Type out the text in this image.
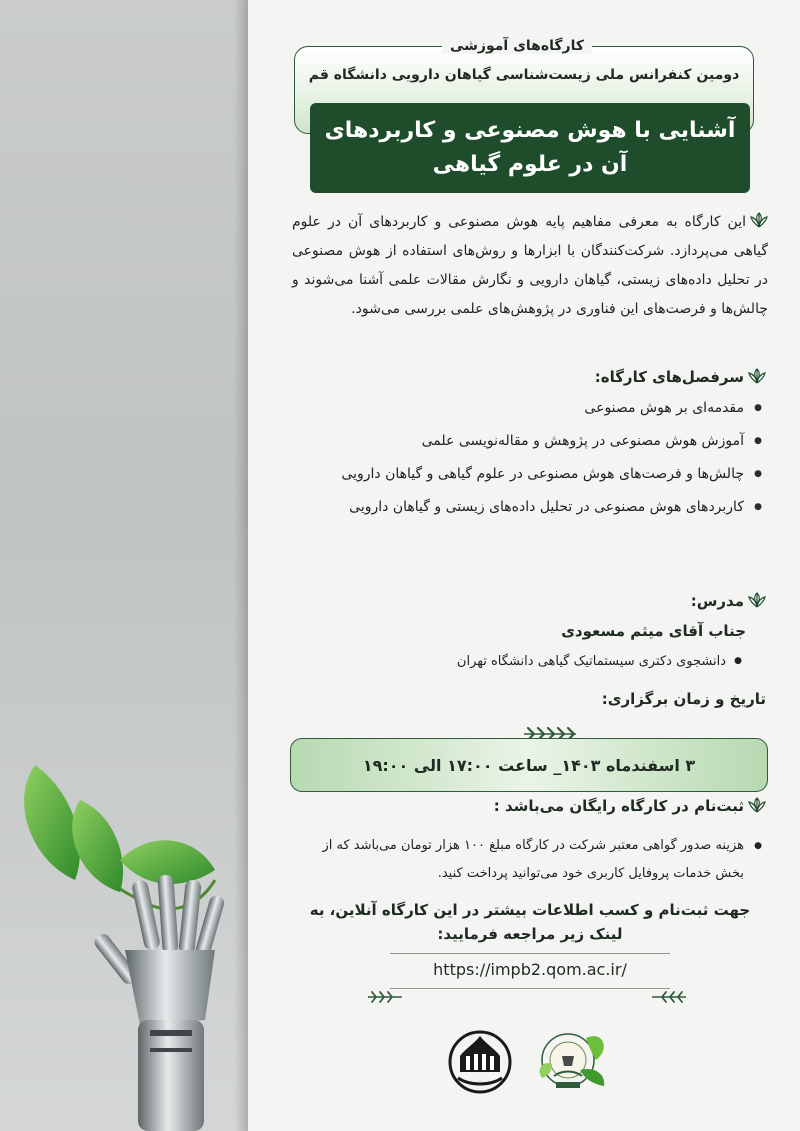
کارگاه‌های آموزشی
دومین کنفرانس ملی زیست‌شناسی گیاهان دارویی دانشگاه قم
آشنایی با هوش مصنوعی و کاربردهای
آن در علوم گیاهی
این کارگاه به معرفی مفاهیم پایه هوش مصنوعی و کاربردهای آن در علوم گیاهی می‌پردازد. شرکت‌کنندگان با ابزارها و روش‌های استفاده از هوش مصنوعی در تحلیل داده‌های زیستی، گیاهان دارویی و نگارش مقالات علمی آشنا می‌شوند و چالش‌ها و فرصت‌های این فناوری در پژوهش‌های علمی بررسی می‌شود.
سرفصل‌های کارگاه:
● مقدمه‌ای بر هوش مصنوعی
● آموزش هوش مصنوعی در پژوهش و مقاله‌نویسی علمی
● چالش‌ها و فرصت‌های هوش مصنوعی در علوم گیاهی و گیاهان دارویی
● کاربردهای هوش مصنوعی در تحلیل داده‌های زیستی و گیاهان دارویی
مدرس:
جناب آقای میثم مسعودی
● دانشجوی دکتری سیستماتیک گیاهی دانشگاه تهران
تاریخ و زمان برگزاری:
۳ اسفندماه ۱۴۰۳_ ساعت ۱۷:۰۰ الی ۱۹:۰۰
ثبت‌نام در کارگاه رایگان می‌باشد :
● هزینه صدور گواهی معتبر شرکت در کارگاه مبلغ ۱۰۰ هزار تومان می‌باشد که از بخش خدمات پروفایل کاربری خود می‌توانید پرداخت کنید.
جهت ثبت‌نام و کسب اطلاعات بیشتر در این کارگاه آنلاین، به
لینک زیر مراجعه فرمایید:
https://impb2.qom.ac.ir/
